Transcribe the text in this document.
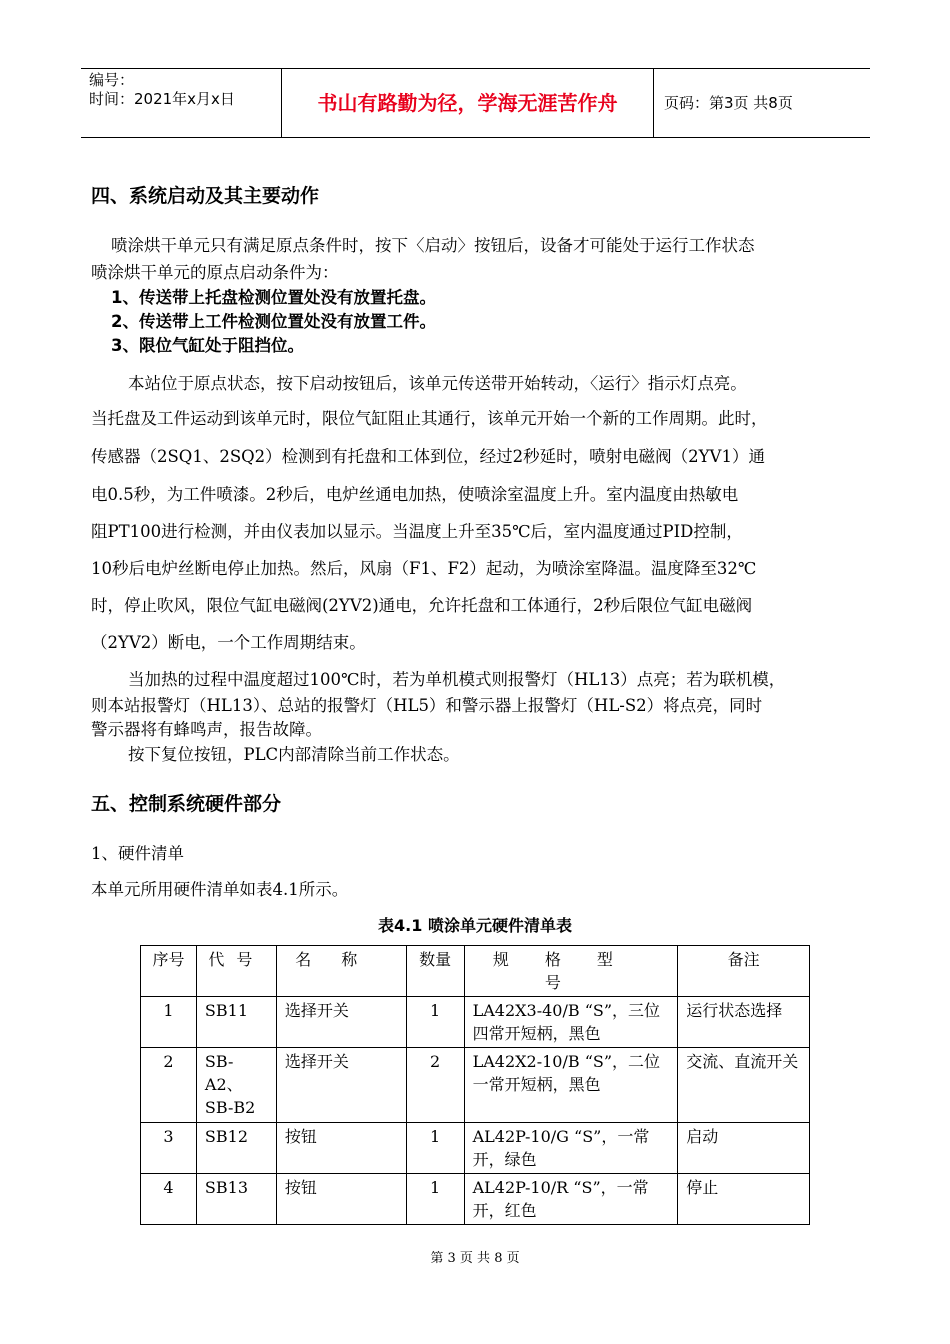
编号：
时间：2021年x月x日	书山有路勤为径，学海无涯苦作舟	页码：第3页 共8页
四、系统启动及其主要动作
喷涂烘干单元只有满足原点条件时，按下〈启动〉按钮后，设备才可能处于运行工作状态
喷涂烘干单元的原点启动条件为：
1、传送带上托盘检测位置处没有放置托盘。
2、传送带上工件检测位置处没有放置工件。
3、限位气缸处于阻挡位。
本站位于原点状态，按下启动按钮后，该单元传送带开始转动，〈运行〉指示灯点亮。
当托盘及工件运动到该单元时，限位气缸阻止其通行，该单元开始一个新的工作周期。此时，
传感器（2SQ1、2SQ2）检测到有托盘和工体到位，经过2秒延时，喷射电磁阀（2YV1）通
电0.5秒，为工件喷漆。2秒后，电炉丝通电加热，使喷涂室温度上升。室内温度由热敏电
阻PT100进行检测，并由仪表加以显示。当温度上升至35℃后，室内温度通过PID控制，
10秒后电炉丝断电停止加热。然后，风扇（F1、F2）起动，为喷涂室降温。温度降至32℃
时，停止吹风，限位气缸电磁阀(2YV2)通电，允许托盘和工体通行，2秒后限位气缸电磁阀
（2YV2）断电，一个工作周期结束。
当加热的过程中温度超过100℃时，若为单机模式则报警灯（HL13）点亮；若为联机模，
则本站报警灯（HL13）、总站的报警灯（HL5）和警示器上报警灯（HL-S2）将点亮，同时
警示器将有蜂鸣声，报告故障。
按下复位按钮，PLC内部清除当前工作状态。
五、控制系统硬件部分
1、硬件清单
本单元所用硬件清单如表4.1所示。
表4.1 喷涂单元硬件清单表
序号	代号	名称	数量	规格型号	备注
1	SB11	选择开关	1	LA42X3-40/B “S”，三位四常开短柄，黑色	运行状态选择
2	SB-A2、SB-B2	选择开关	2	LA42X2-10/B “S”，二位一常开短柄，黑色	交流、直流开关
3	SB12	按钮	1	AL42P-10/G “S”，一常开，绿色	启动
4	SB13	按钮	1	AL42P-10/R “S”，一常开，红色	停止
第 3 页 共 8 页
